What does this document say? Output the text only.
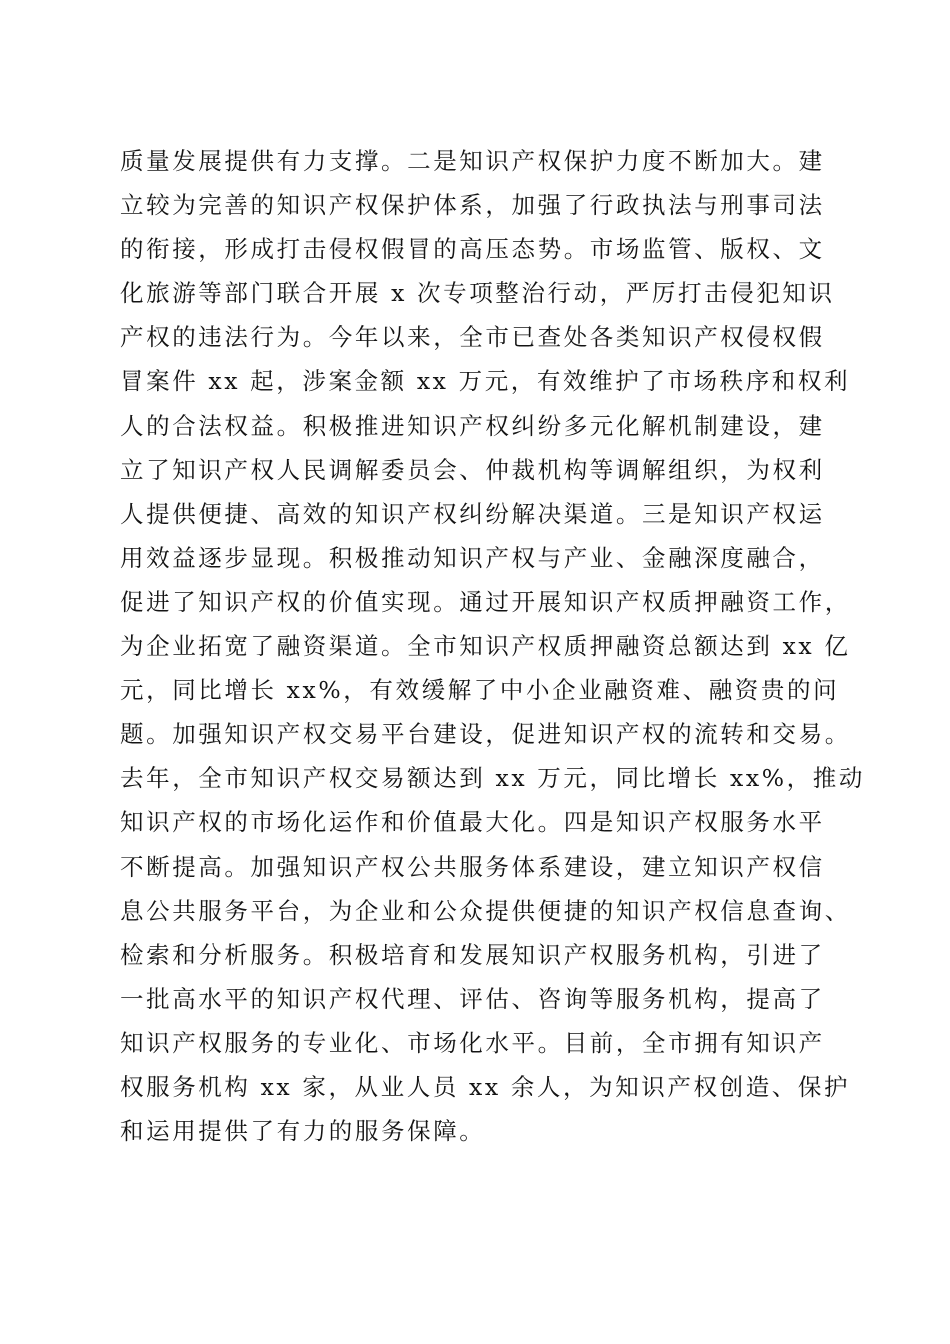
质量发展提供有力支撑。二是知识产权保护力度不断加大。建
立较为完善的知识产权保护体系，加强了行政执法与刑事司法
的衔接，形成打击侵权假冒的高压态势。市场监管、版权、文
化旅游等部门联合开展 x 次专项整治行动，严厉打击侵犯知识
产权的违法行为。今年以来，全市已查处各类知识产权侵权假
冒案件 xx 起，涉案金额 xx 万元，有效维护了市场秩序和权利
人的合法权益。积极推进知识产权纠纷多元化解机制建设，建
立了知识产权人民调解委员会、仲裁机构等调解组织，为权利
人提供便捷、高效的知识产权纠纷解决渠道。三是知识产权运
用效益逐步显现。积极推动知识产权与产业、金融深度融合，
促进了知识产权的价值实现。通过开展知识产权质押融资工作，
为企业拓宽了融资渠道。全市知识产权质押融资总额达到 xx 亿
元，同比增长 xx%，有效缓解了中小企业融资难、融资贵的问
题。加强知识产权交易平台建设，促进知识产权的流转和交易。
去年，全市知识产权交易额达到 xx 万元，同比增长 xx%，推动
知识产权的市场化运作和价值最大化。四是知识产权服务水平
不断提高。加强知识产权公共服务体系建设，建立知识产权信
息公共服务平台，为企业和公众提供便捷的知识产权信息查询、
检索和分析服务。积极培育和发展知识产权服务机构，引进了
一批高水平的知识产权代理、评估、咨询等服务机构，提高了
知识产权服务的专业化、市场化水平。目前，全市拥有知识产
权服务机构 xx 家，从业人员 xx 余人，为知识产权创造、保护
和运用提供了有力的服务保障。
